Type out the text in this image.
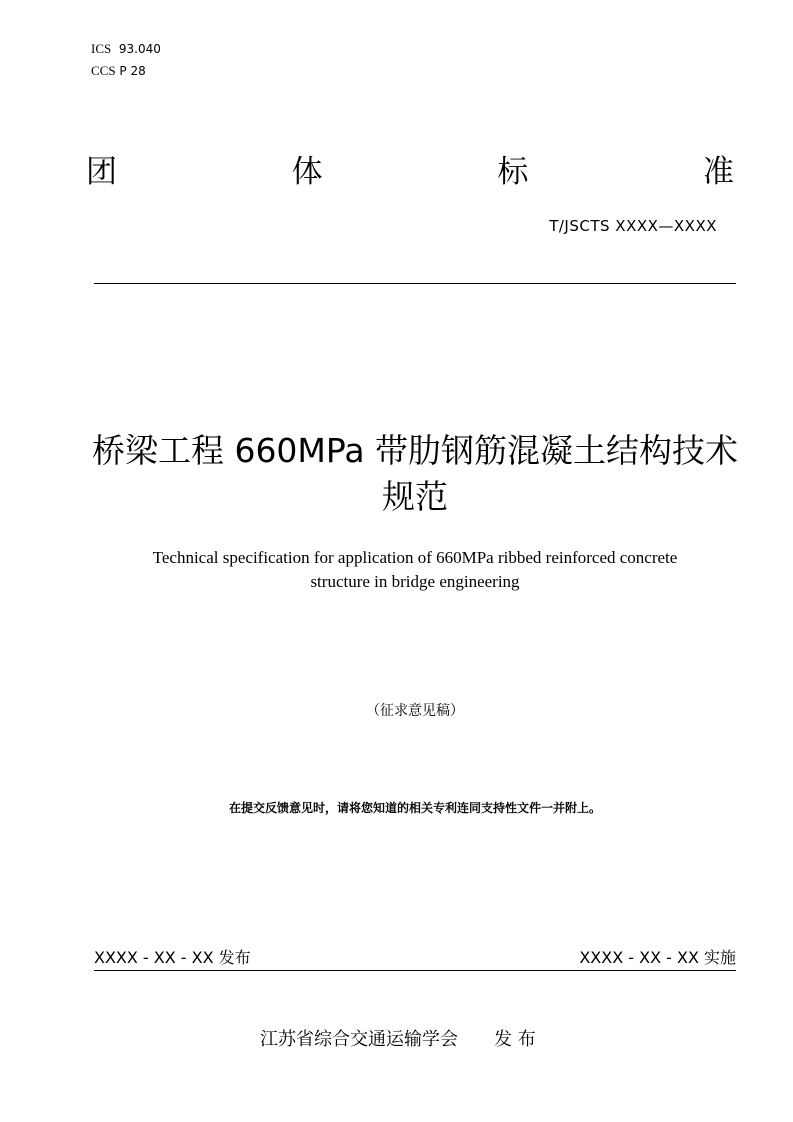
ICS 93.040
CCS P 28
团	体	标	准
T/JSCTS XXXX—XXXX
桥梁工程 660MPa 带肋钢筋混凝土结构技术
规范
Technical specification for application of 660MPa ribbed reinforced concrete
structure in bridge engineering
（征求意见稿）
在提交反馈意见时，请将您知道的相关专利连同支持性文件一并附上。
XXXX - XX - XX 发布	XXXX - XX - XX 实施
江苏省综合交通运输学会 发 布
